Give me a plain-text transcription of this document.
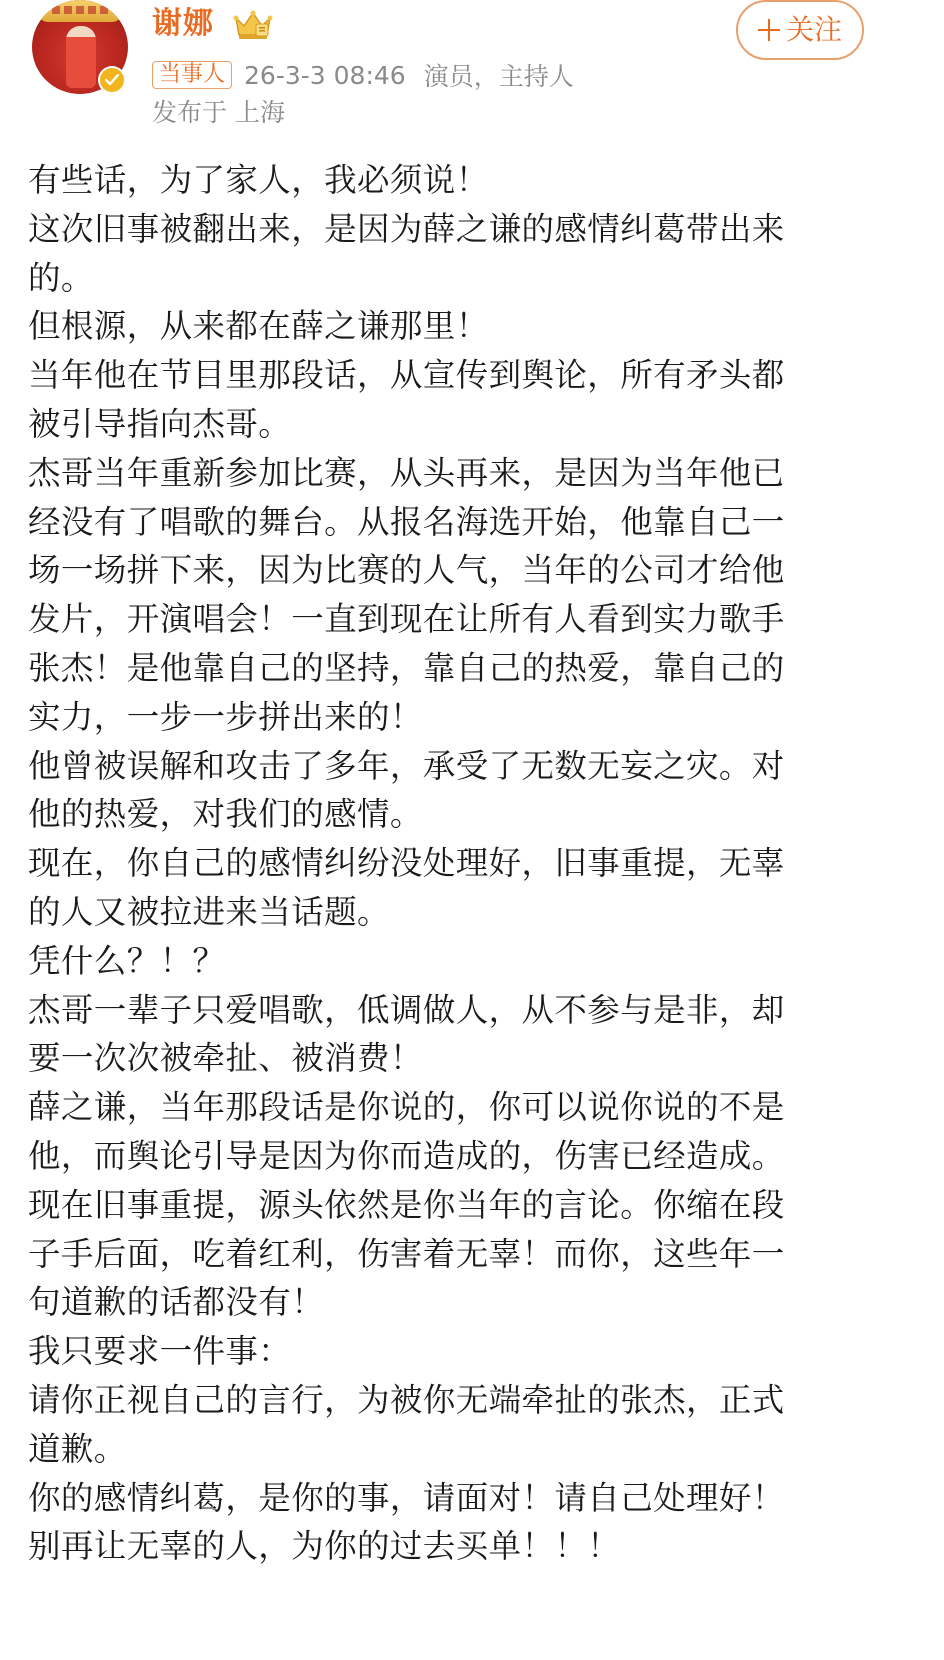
谢娜	关注
当事人 26-3-3 08:46 演员，主持人
发布于 上海
有些话，为了家人，我必须说！
这次旧事被翻出来，是因为薛之谦的感情纠葛带出来
的。
但根源，从来都在薛之谦那里！
当年他在节目里那段话，从宣传到舆论，所有矛头都
被引导指向杰哥。
杰哥当年重新参加比赛，从头再来，是因为当年他已
经没有了唱歌的舞台。从报名海选开始，他靠自己一
场一场拼下来，因为比赛的人气，当年的公司才给他
发片，开演唱会！一直到现在让所有人看到实力歌手
张杰！是他靠自己的坚持，靠自己的热爱，靠自己的
实力，一步一步拼出来的！
他曾被误解和攻击了多年，承受了无数无妄之灾。对
他的热爱，对我们的感情。
现在，你自己的感情纠纷没处理好，旧事重提，无辜
的人又被拉进来当话题。
凭什么？！？
杰哥一辈子只爱唱歌，低调做人，从不参与是非，却
要一次次被牵扯、被消费！
薛之谦，当年那段话是你说的，你可以说你说的不是
他，而舆论引导是因为你而造成的，伤害已经造成。
现在旧事重提，源头依然是你当年的言论。你缩在段
子手后面，吃着红利，伤害着无辜！而你，这些年一
句道歉的话都没有！
我只要求一件事：
请你正视自己的言行，为被你无端牵扯的张杰，正式
道歉。
你的感情纠葛，是你的事，请面对！请自己处理好！
别再让无辜的人，为你的过去买单！！！
